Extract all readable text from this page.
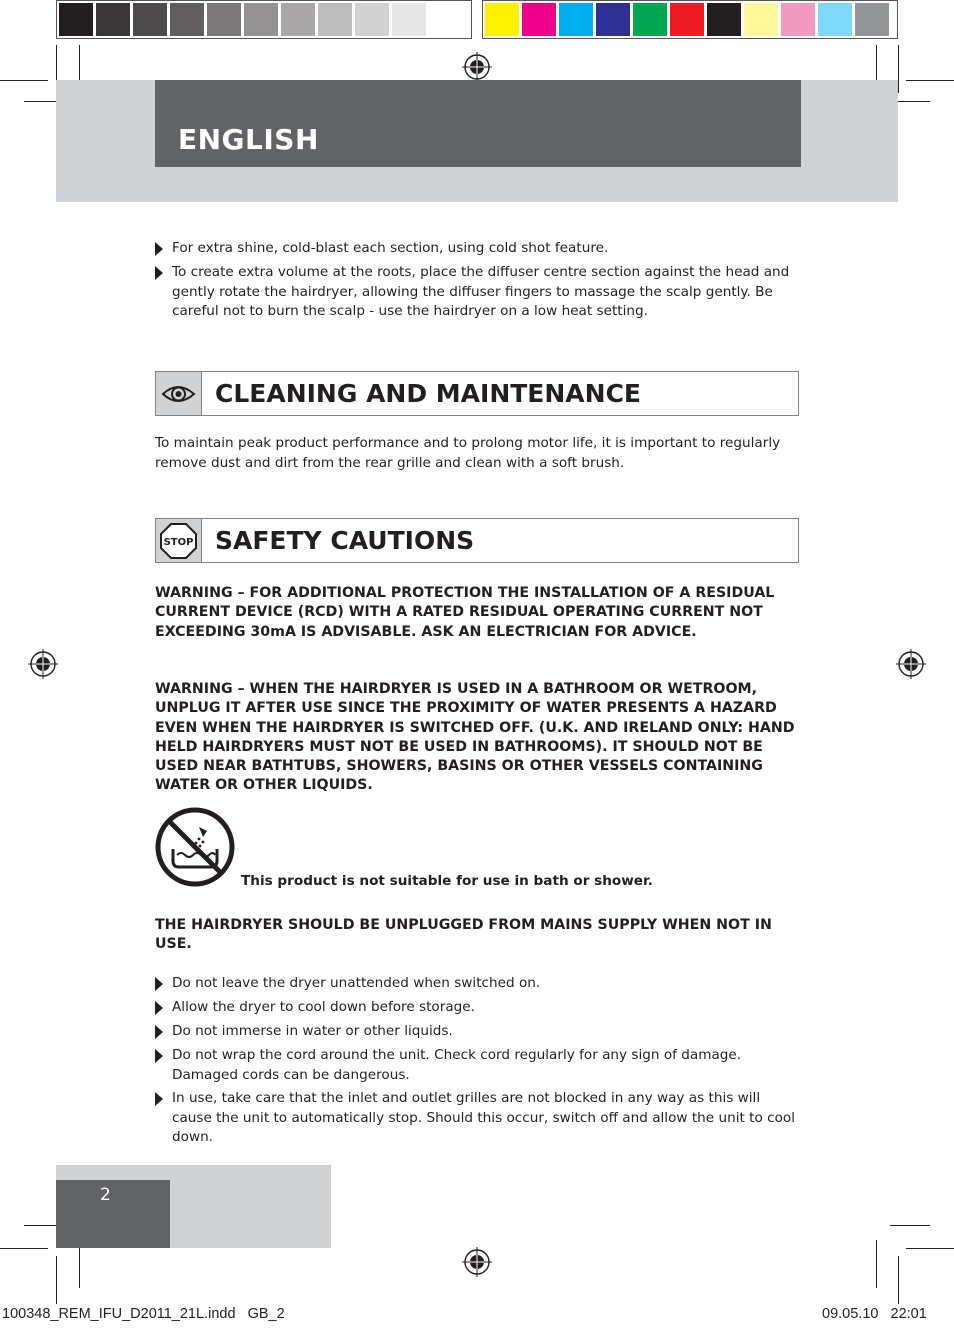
ENGLISH
For extra shine, cold-blast each section, using cold shot feature.
To create extra volume at the roots, place the diffuser centre section against the head and gently rotate the hairdryer, allowing the diffuser fingers to massage the scalp gently. Be careful not to burn the scalp - use the hairdryer on a low heat setting.
CLEANING AND MAINTENANCE

To maintain peak product performance and to prolong motor life, it is important to regularly remove dust and dirt from the rear grille and clean with a soft brush.

STOP SAFETY CAUTIONS

WARNING – FOR ADDITIONAL PROTECTION THE INSTALLATION OF A RESIDUAL CURRENT DEVICE (RCD) WITH A RATED RESIDUAL OPERATING CURRENT NOT EXCEEDING 30mA IS ADVISABLE. ASK AN ELECTRICIAN FOR ADVICE.

WARNING – WHEN THE HAIRDRYER IS USED IN A BATHROOM OR WETROOM, UNPLUG IT AFTER USE SINCE THE PROXIMITY OF WATER PRESENTS A HAZARD EVEN WHEN THE HAIRDRYER IS SWITCHED OFF. (U.K. AND IRELAND ONLY: HAND HELD HAIRDRYERS MUST NOT BE USED IN BATHROOMS). IT SHOULD NOT BE USED NEAR BATHTUBS, SHOWERS, BASINS OR OTHER VESSELS CONTAINING WATER OR OTHER LIQUIDS.

This product is not suitable for use in bath or shower.

THE HAIRDRYER SHOULD BE UNPLUGGED FROM MAINS SUPPLY WHEN NOT IN USE.

Do not leave the dryer unattended when switched on.
Allow the dryer to cool down before storage.
Do not immerse in water or other liquids.
Do not wrap the cord around the unit. Check cord regularly for any sign of damage. Damaged cords can be dangerous.
In use, take care that the inlet and outlet grilles are not blocked in any way as this will cause the unit to automatically stop. Should this occur, switch off and allow the unit to cool down.
2
100348_REM_IFU_D2011_21L.indd   GB_2	09.05.10   22:01
